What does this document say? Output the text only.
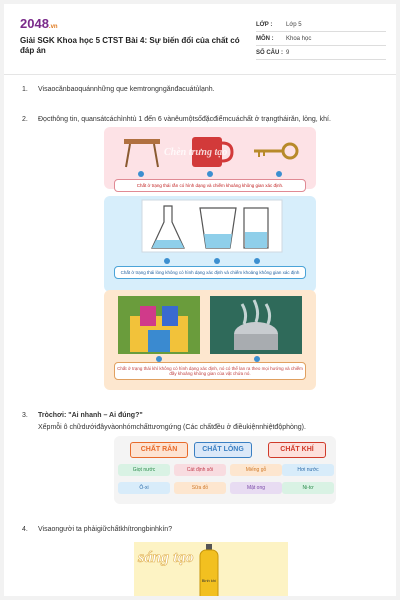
2048.vn
Giải SGK Khoa học 5 CTST Bài 4: Sự biến đổi của chất có đáp án
LỚP :	Lớp 5
MÔN :	Khoa học
SỐ CÂU : 9
1. Visaocănbaoquánnhững que kemtrongngănđacuátủlạnh.
2. Đọcthông tin, quansátcáchìnhtù 1 đến 6 vànêumộtsốđặcđiểmcuáchất ở trạngtháirăn, lỏng, khí.
Chèn trưng tạo
Chất ở trạng thái rắn có hình dạng và chiếm khoảng không gian xác định.
Chất ở trạng thái lỏng không có hình dạng xác định và chiếm khoảng không gian xác định
Chất ở trạng thái khí không có hình dạng xác định, nó có thể lan ra theo mọi hướng và chiếm đầy khoảng không gian của vật chứa nó.
3. Tròchơi: "Ai nhanh – Ai đúng?"
Xếpmỗi ô chữdướiđâyvàonhómchấttươngứng (Các chấtđều ở điềukiệnnhiệtđộphòng).
CHẤT RẮN	CHẤT LỎNG	CHẤT KHÍ
Giọt nước	Cát định sôi	Miếng gỗ	Hơi nước
Ô-xi	Sữa đỏ	Mật ong	Ni-tơ
4. Visaongười ta phảigiữchấtkhítrongbinhkín?
sáng tạo
Binh khí
